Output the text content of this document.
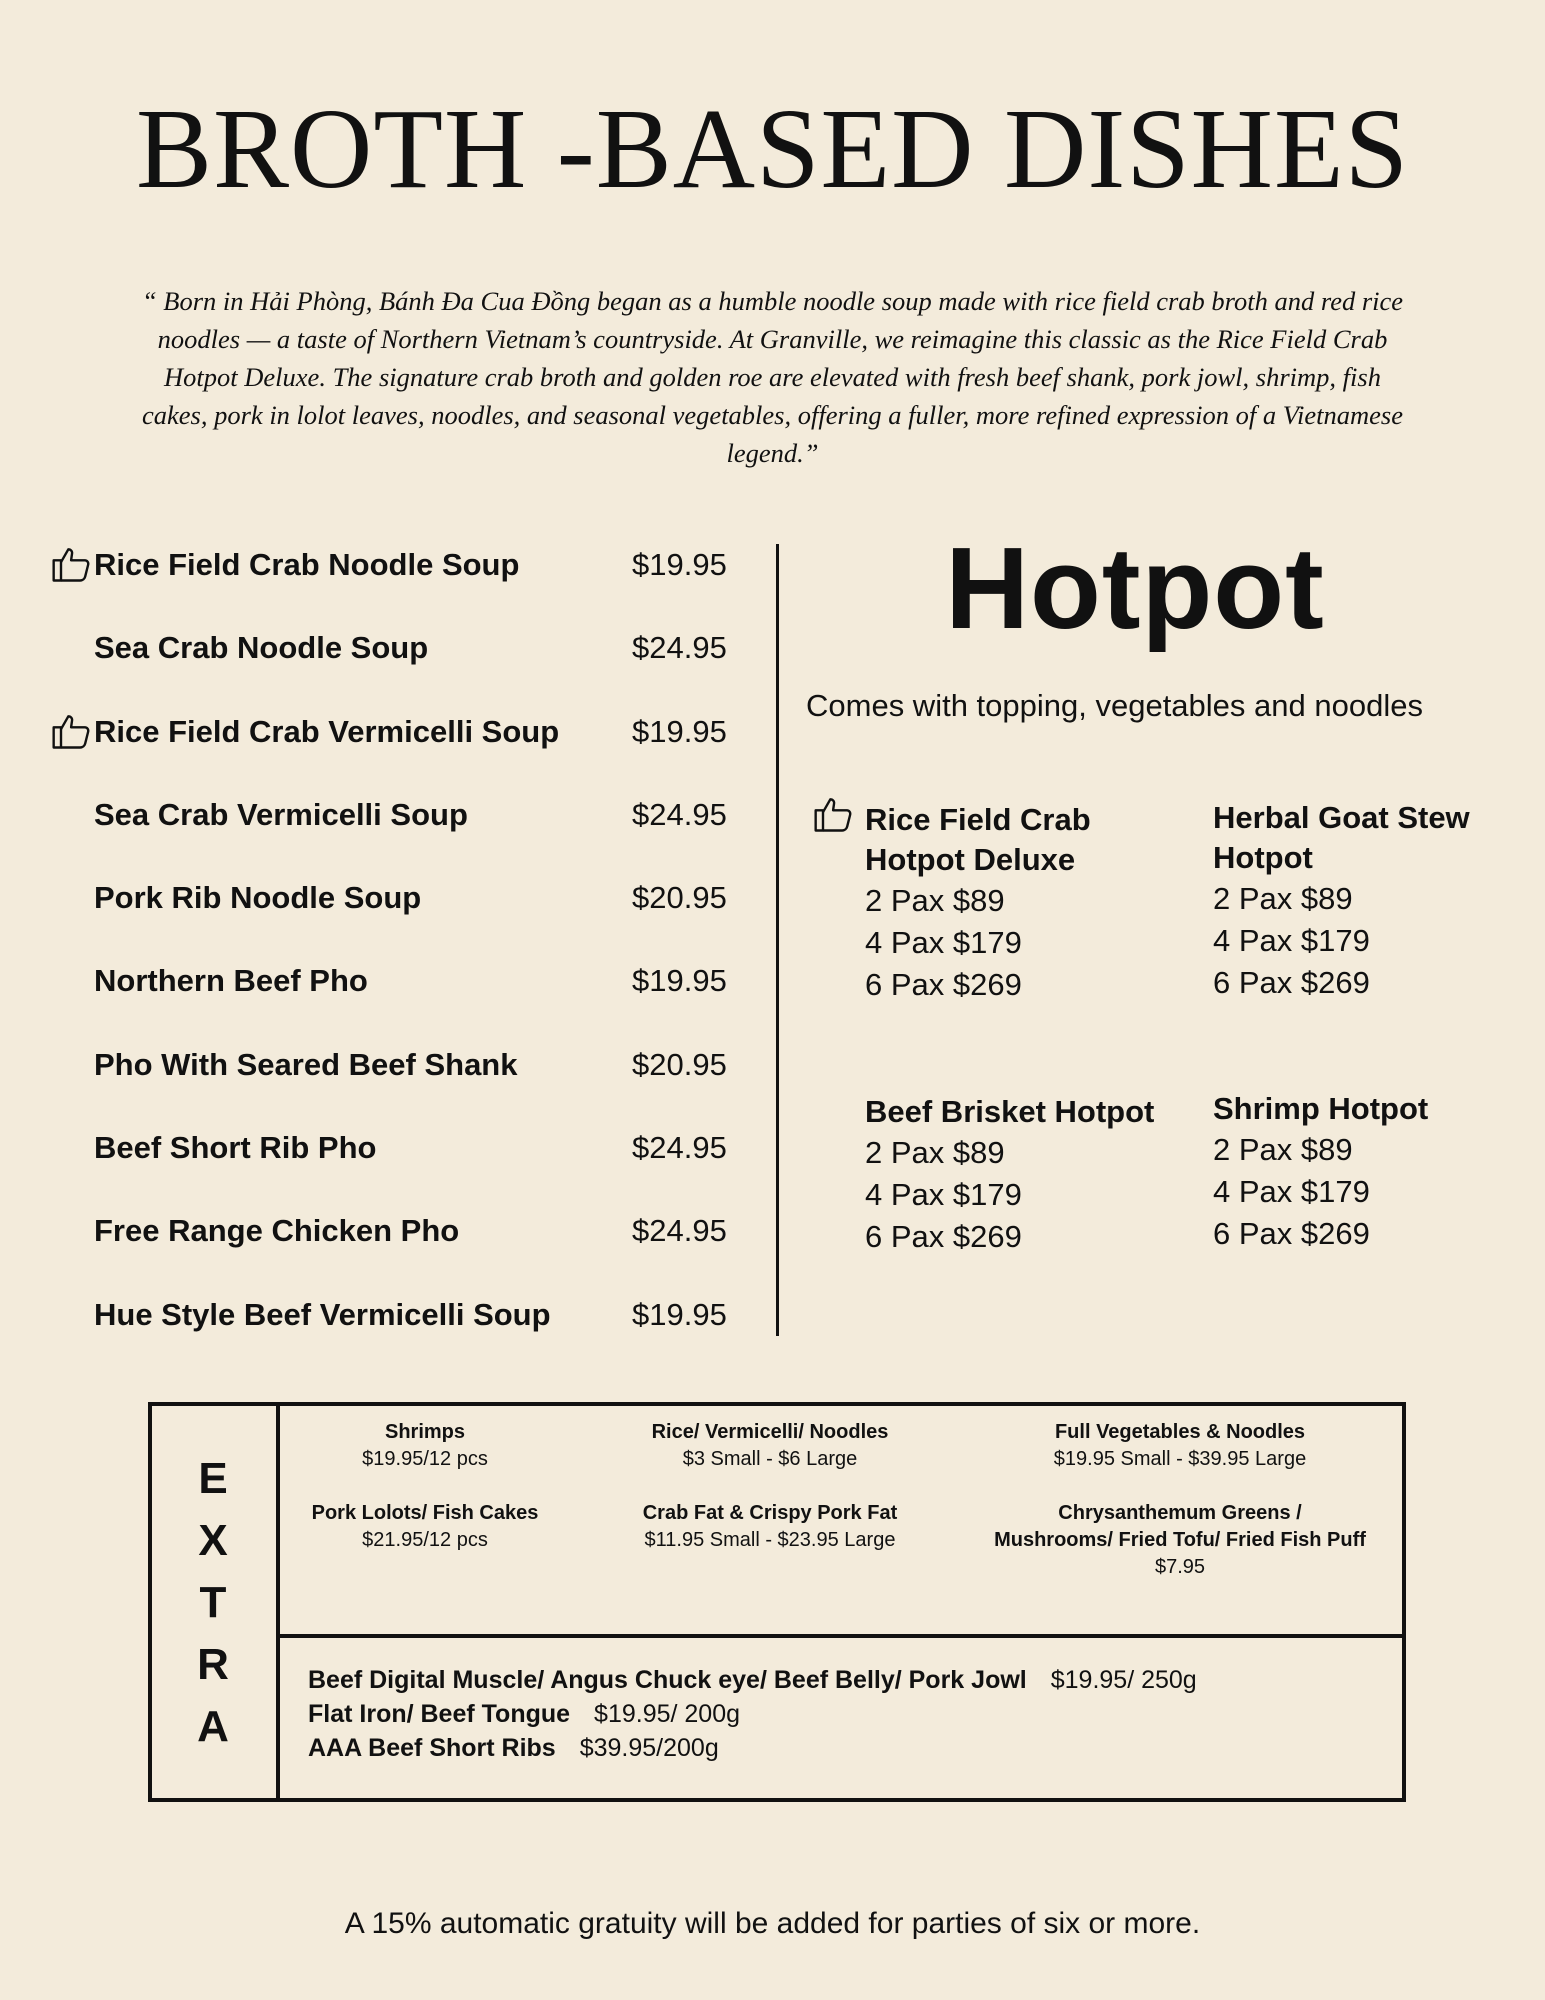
BROTH -BASED DISHES

“ Born in Hải Phòng, Bánh Đa Cua Đồng began as a humble noodle soup made with rice field crab broth and red rice noodles — a taste of Northern Vietnam’s countryside. At Granville, we reimagine this classic as the Rice Field Crab Hotpot Deluxe. The signature crab broth and golden roe are elevated with fresh beef shank, pork jowl, shrimp, fish cakes, pork in lolot leaves, noodles, and seasonal vegetables, offering a fuller, more refined expression of a Vietnamese legend.”

Rice Field Crab Noodle Soup	$19.95
Sea Crab Noodle Soup	$24.95
Rice Field Crab Vermicelli Soup $19.95
Sea Crab Vermicelli Soup	$24.95
Pork Rib Noodle Soup	$20.95
Northern Beef Pho	$19.95
Pho With Seared Beef Shank	$20.95
Beef Short Rib Pho	$24.95
Free Range Chicken Pho	$24.95
Hue Style Beef Vermicelli Soup	$19.95
Hotpot
Comes with topping, vegetables and noodles
Rice Field Crab
Hotpot Deluxe
2 Pax $89
4 Pax $179
6 Pax $269
Herbal Goat Stew
Hotpot
2 Pax $89
4 Pax $179
6 Pax $269
Beef Brisket Hotpot
2 Pax $89
4 Pax $179
6 Pax $269
Shrimp Hotpot
2 Pax $89
4 Pax $179
6 Pax $269
E
X
T
R
A
Shrimps
$19.95/12 pcs
Rice/ Vermicelli/ Noodles
$3 Small - $6 Large
Full Vegetables & Noodles
$19.95 Small - $39.95 Large
Pork Lolots/ Fish Cakes
$21.95/12 pcs
Crab Fat & Crispy Pork Fat
$11.95 Small - $23.95 Large
Chrysanthemum Greens /
Mushrooms/ Fried Tofu/ Fried Fish Puff
$7.95
Beef Digital Muscle/ Angus Chuck eye/ Beef Belly/ Pork Jowl $19.95/ 250g
Flat Iron/ Beef Tongue $19.95/ 200g
AAA Beef Short Ribs $39.95/200g
A 15% automatic gratuity will be added for parties of six or more.
